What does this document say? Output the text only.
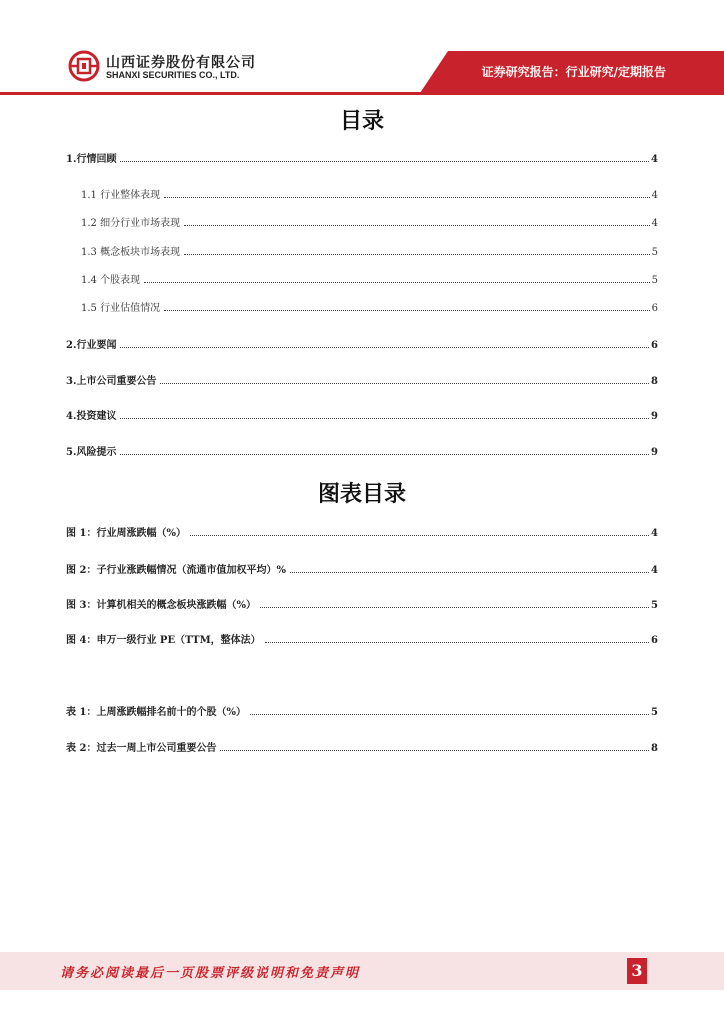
山西证券股份有限公司
SHANXI SECURITIES CO., LTD.	证券研究报告：行业研究/定期报告
目录
1.行情回顾	4
1.1 行业整体表现	4
1.2 细分行业市场表现	4
1.3 概念板块市场表现	5
1.4 个股表现	5
1.5 行业估值情况	6
2.行业要闻	6
3.上市公司重要公告	8
4.投资建议	9
5.风险提示	9
图表目录
图 1：行业周涨跌幅（%）	4
图 2：子行业涨跌幅情况（流通市值加权平均）%	4
图 3：计算机相关的概念板块涨跌幅（%）	5
图 4：申万一级行业 PE（TTM，整体法）	6
表 1：上周涨跌幅排名前十的个股（%）	5
表 2：过去一周上市公司重要公告	8
请务必阅读最后一页股票评级说明和免责声明	3
